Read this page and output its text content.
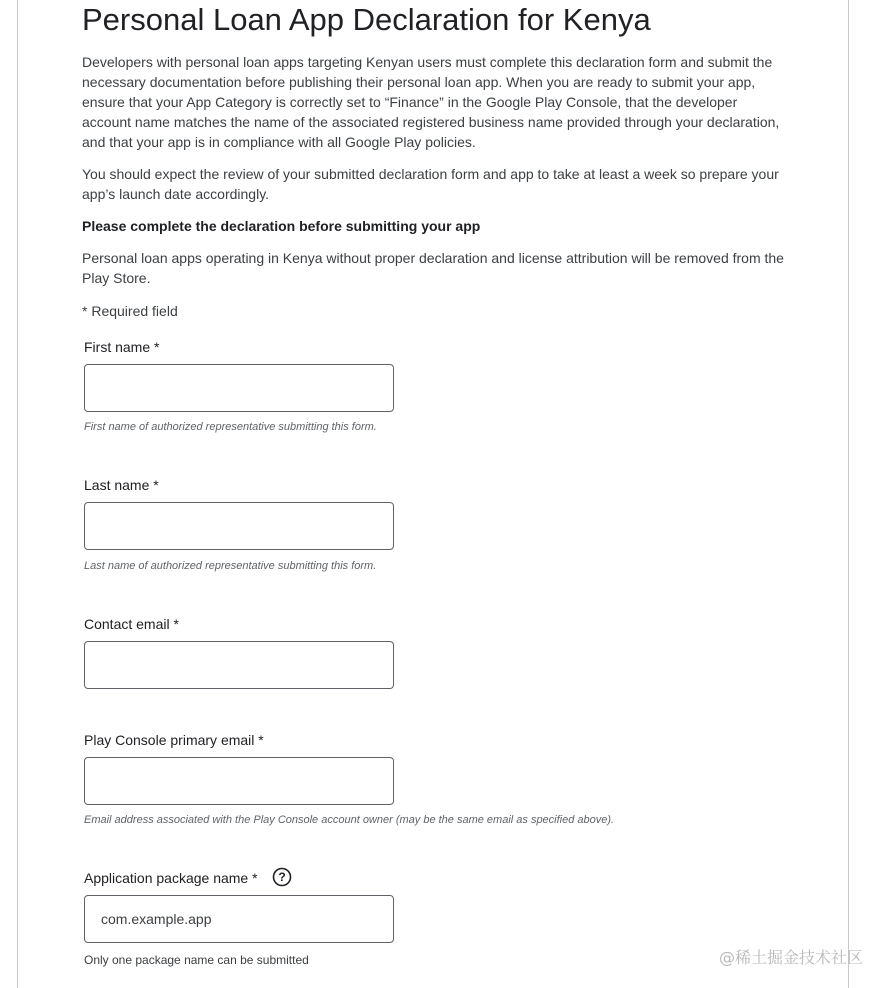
Personal Loan App Declaration for Kenya

Developers with personal loan apps targeting Kenyan users must complete this declaration form and submit the necessary documentation before publishing their personal loan app. When you are ready to submit your app, ensure that your App Category is correctly set to “Finance” in the Google Play Console, that the developer account name matches the name of the associated registered business name provided through your declaration, and that your app is in compliance with all Google Play policies.

You should expect the review of your submitted declaration form and app to take at least a week so prepare your app’s launch date accordingly.

Please complete the declaration before submitting your app

Personal loan apps operating in Kenya without proper declaration and license attribution will be removed from the Play Store.

* Required field

First name *

First name of authorized representative submitting this form.

Last name *

Last name of authorized representative submitting this form.

Contact email *

Play Console primary email *

Email address associated with the Play Console account owner (may be the same email as specified above).

Application package name * ?
com.example.app

Only one package name can be submitted	@稀土掘金技术社区
